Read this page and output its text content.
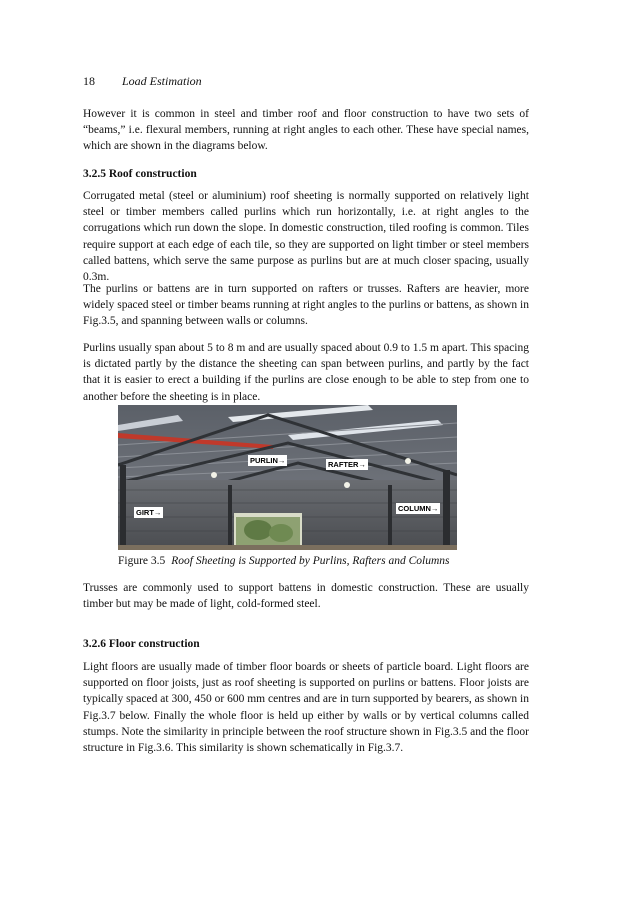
18 Load Estimation

However it is common in steel and timber roof and floor construction to have two sets of “beams,” i.e. flexural members, running at right angles to each other. These have special names, which are shown in the diagrams below.

3.2.5 Roof construction

Corrugated metal (steel or aluminium) roof sheeting is normally supported on relatively light steel or timber members called purlins which run horizontally, i.e. at right angles to the corrugations which run down the slope. In domestic construction, tiled roofing is common. Tiles require support at each edge of each tile, so they are supported on light timber or steel members called battens, which serve the same purpose as purlins but are at much closer spacing, usually 0.3m.

The purlins or battens are in turn supported on rafters or trusses. Rafters are heavier, more widely spaced steel or timber beams running at right angles to the purlins or battens, as shown in Fig.3.5, and spanning between walls or columns.

Purlins usually span about 5 to 8 m and are usually spaced about 0.9 to 1.5 m apart. This spacing is dictated partly by the distance the sheeting can span between purlins, and partly by the fact that it is easier to erect a building if the purlins are close enough to be able to step from one to another before the sheeting is in place.

PURLIN→	RAFTER→
GIRT→	COLUMN→
Figure 3.5 Roof Sheeting is Supported by Purlins, Rafters and Columns

Trusses are commonly used to support battens in domestic construction. These are usually timber but may be made of light, cold-formed steel.

3.2.6 Floor construction

Light floors are usually made of timber floor boards or sheets of particle board. Light floors are supported on floor joists, just as roof sheeting is supported on purlins or battens. Floor joists are typically spaced at 300, 450 or 600 mm centres and are in turn supported by bearers, as shown in Fig.3.7 below. Finally the whole floor is held up either by walls or by vertical columns called stumps. Note the similarity in principle between the roof structure shown in Fig.3.5 and the floor structure in Fig.3.6. This similarity is shown schematically in Fig.3.7.
